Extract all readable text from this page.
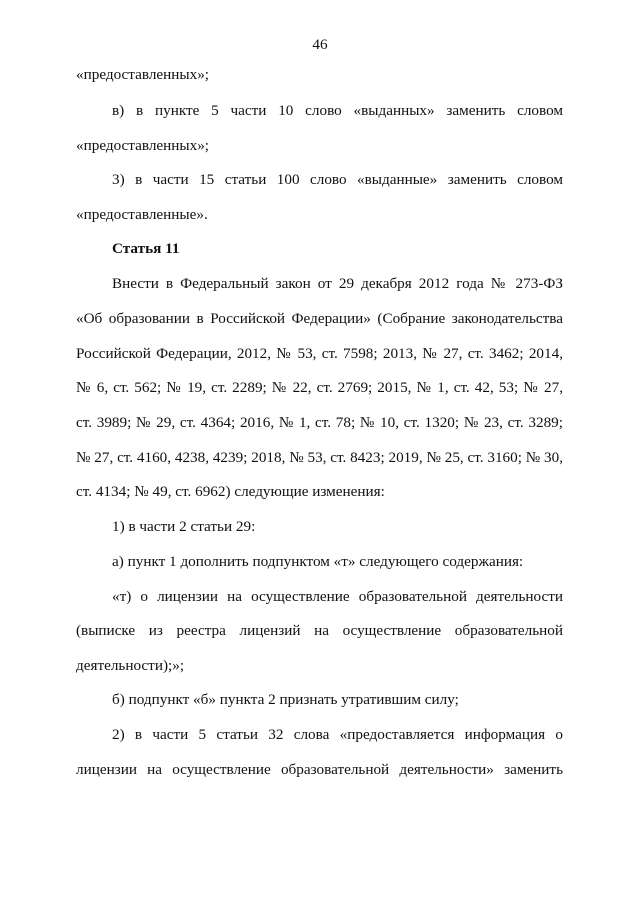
46
«предоставленных»;
в) в пункте 5 части 10 слово «выданных» заменить словом
«предоставленных»;
3) в части 15 статьи 100 слово «выданные» заменить словом
«предоставленные».
Статья 11
Внести в Федеральный закон от 29 декабря 2012 года № 273-ФЗ
«Об образовании в Российской Федерации» (Собрание законодательства
Российской Федерации, 2012, № 53, ст. 7598; 2013, № 27, ст. 3462; 2014,
№ 6, ст. 562; № 19, ст. 2289; № 22, ст. 2769; 2015, № 1, ст. 42, 53; № 27,
ст. 3989; № 29, ст. 4364; 2016, № 1, ст. 78; № 10, ст. 1320; № 23, ст. 3289;
№ 27, ст. 4160, 4238, 4239; 2018, № 53, ст. 8423; 2019, № 25, ст. 3160; № 30,
ст. 4134; № 49, ст. 6962) следующие изменения:
1) в части 2 статьи 29:
а) пункт 1 дополнить подпунктом «т» следующего содержания:
«т) о лицензии на осуществление образовательной деятельности
(выписке из реестра лицензий на осуществление образовательной
деятельности);»;
б) подпункт «б» пункта 2 признать утратившим силу;
2) в части 5 статьи 32 слова «предоставляется информация о
лицензии на осуществление образовательной деятельности» заменить
